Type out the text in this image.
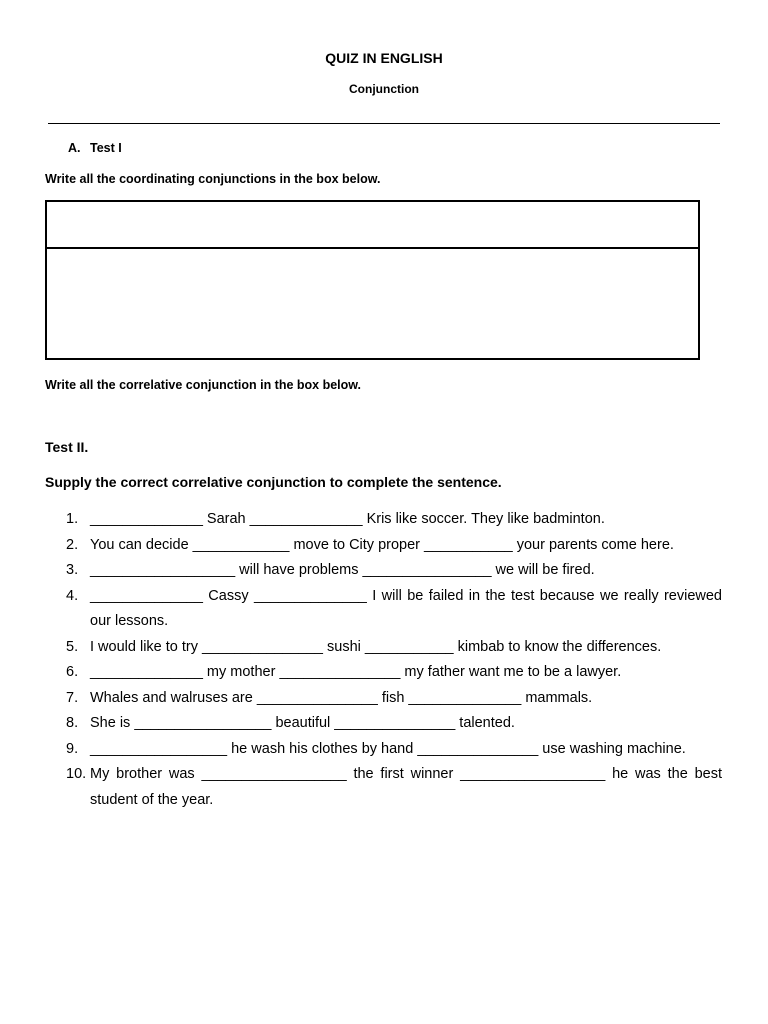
QUIZ IN ENGLISH
Conjunction
A. Test I
Write all the coordinating conjunctions in the box below.
Write all the correlative conjunction in the box below.
Test II.
Supply the correct correlative conjunction to complete the sentence.
1. ______________ Sarah ______________ Kris like soccer. They like badminton.
2. You can decide ____________ move to City proper ___________ your parents come here.
3. __________________ will have problems ________________ we will be fired.
4. ______________ Cassy ______________ I will be failed in the test because we really reviewed our lessons.
5. I would like to try _______________ sushi ___________ kimbab to know the differences.
6. ______________ my mother _______________ my father want me to be a lawyer.
7. Whales and walruses are _______________ fish ______________ mammals.
8. She is _________________ beautiful _______________ talented.
9. _________________ he wash his clothes by hand _______________ use washing machine.
10. My brother was __________________ the first winner __________________ he was the best student of the year.
